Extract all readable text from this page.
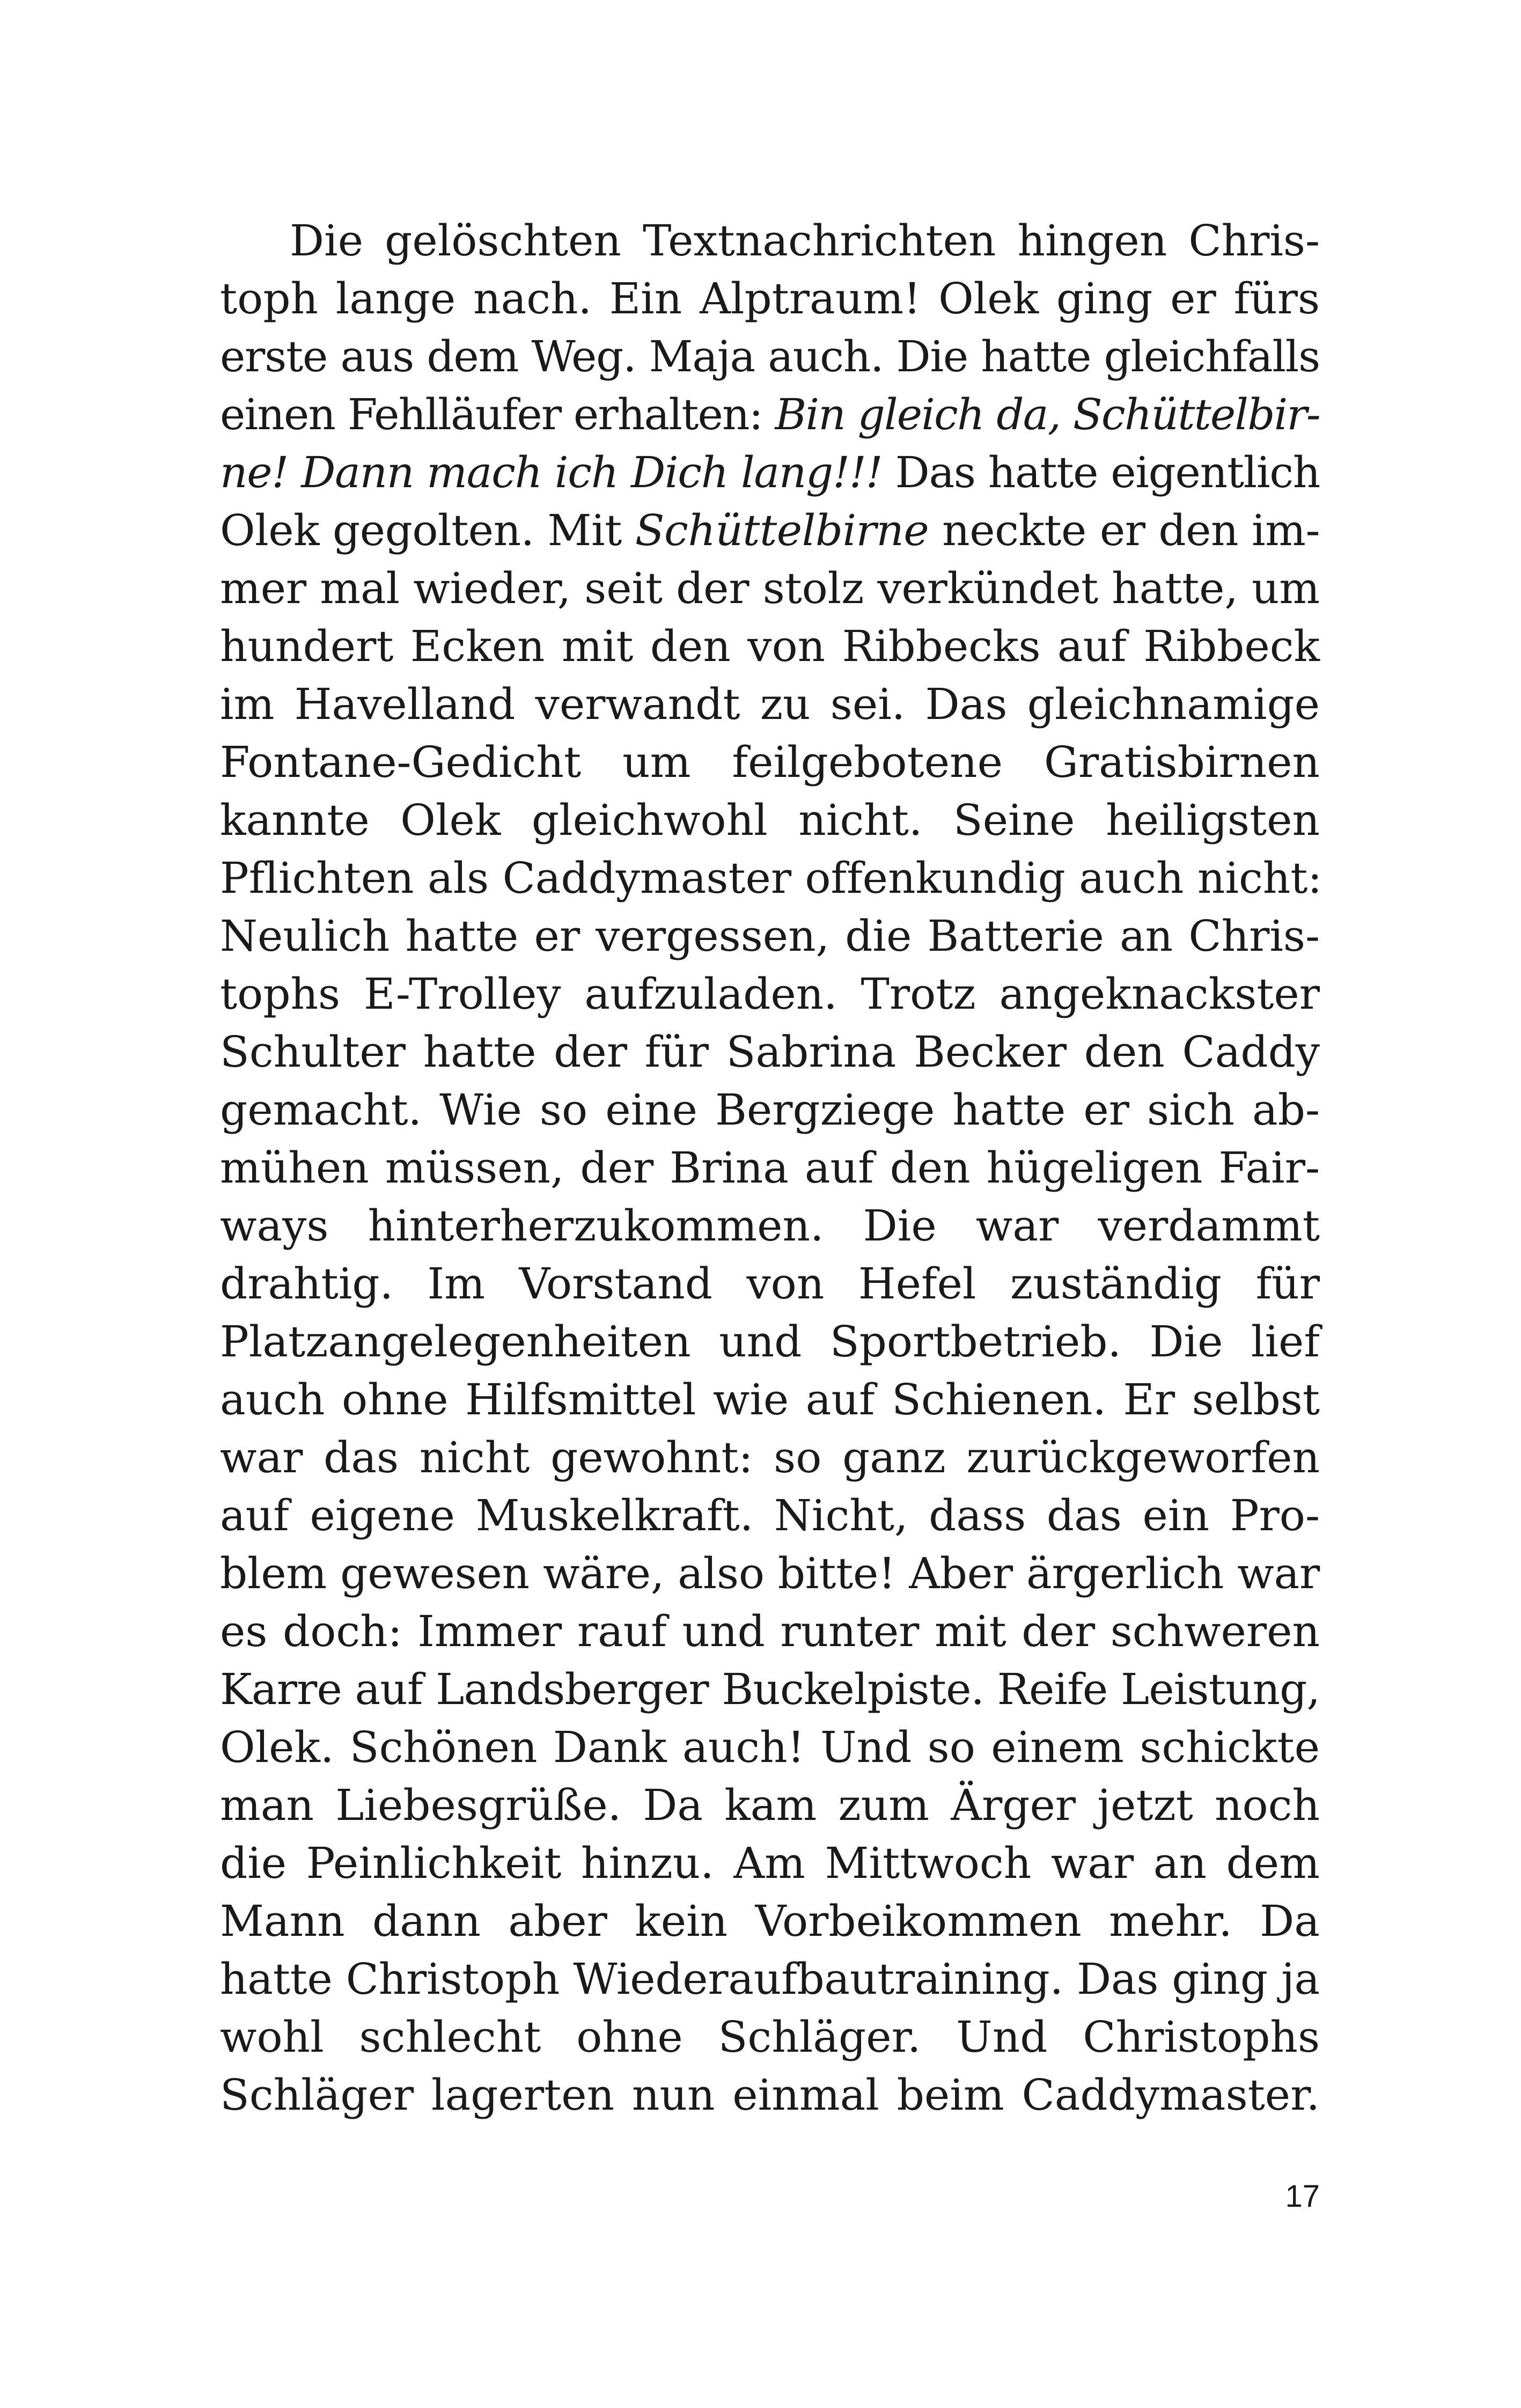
Die gelöschten Textnachrichten hingen Chris-
toph lange nach. Ein Alptraum! Olek ging er fürs
erste aus dem Weg. Maja auch. Die hatte gleichfalls
einen Fehlläufer erhalten: Bin gleich da, Schüttelbir-
ne! Dann mach ich Dich lang!!! Das hatte eigentlich
Olek gegolten. Mit Schüttelbirne neckte er den im-
mer mal wieder, seit der stolz verkündet hatte, um
hundert Ecken mit den von Ribbecks auf Ribbeck
im Havelland verwandt zu sei. Das gleichnamige
Fontane-Gedicht um feilgebotene Gratisbirnen
kannte Olek gleichwohl nicht. Seine heiligsten
Pflichten als Caddymaster offenkundig auch nicht:
Neulich hatte er vergessen, die Batterie an Chris-
tophs E-Trolley aufzuladen. Trotz angeknackster
Schulter hatte der für Sabrina Becker den Caddy
gemacht. Wie so eine Bergziege hatte er sich ab-
mühen müssen, der Brina auf den hügeligen Fair-
ways hinterherzukommen. Die war verdammt
drahtig. Im Vorstand von Hefel zuständig für
Platzangelegenheiten und Sportbetrieb. Die lief
auch ohne Hilfsmittel wie auf Schienen. Er selbst
war das nicht gewohnt: so ganz zurückgeworfen
auf eigene Muskelkraft. Nicht, dass das ein Pro-
blem gewesen wäre, also bitte! Aber ärgerlich war
es doch: Immer rauf und runter mit der schweren
Karre auf Landsberger Buckelpiste. Reife Leistung,
Olek. Schönen Dank auch! Und so einem schickte
man Liebesgrüße. Da kam zum Ärger jetzt noch
die Peinlichkeit hinzu. Am Mittwoch war an dem
Mann dann aber kein Vorbeikommen mehr. Da
hatte Christoph Wiederaufbautraining. Das ging ja
wohl schlecht ohne Schläger. Und Christophs
Schläger lagerten nun einmal beim Caddymaster.
17
